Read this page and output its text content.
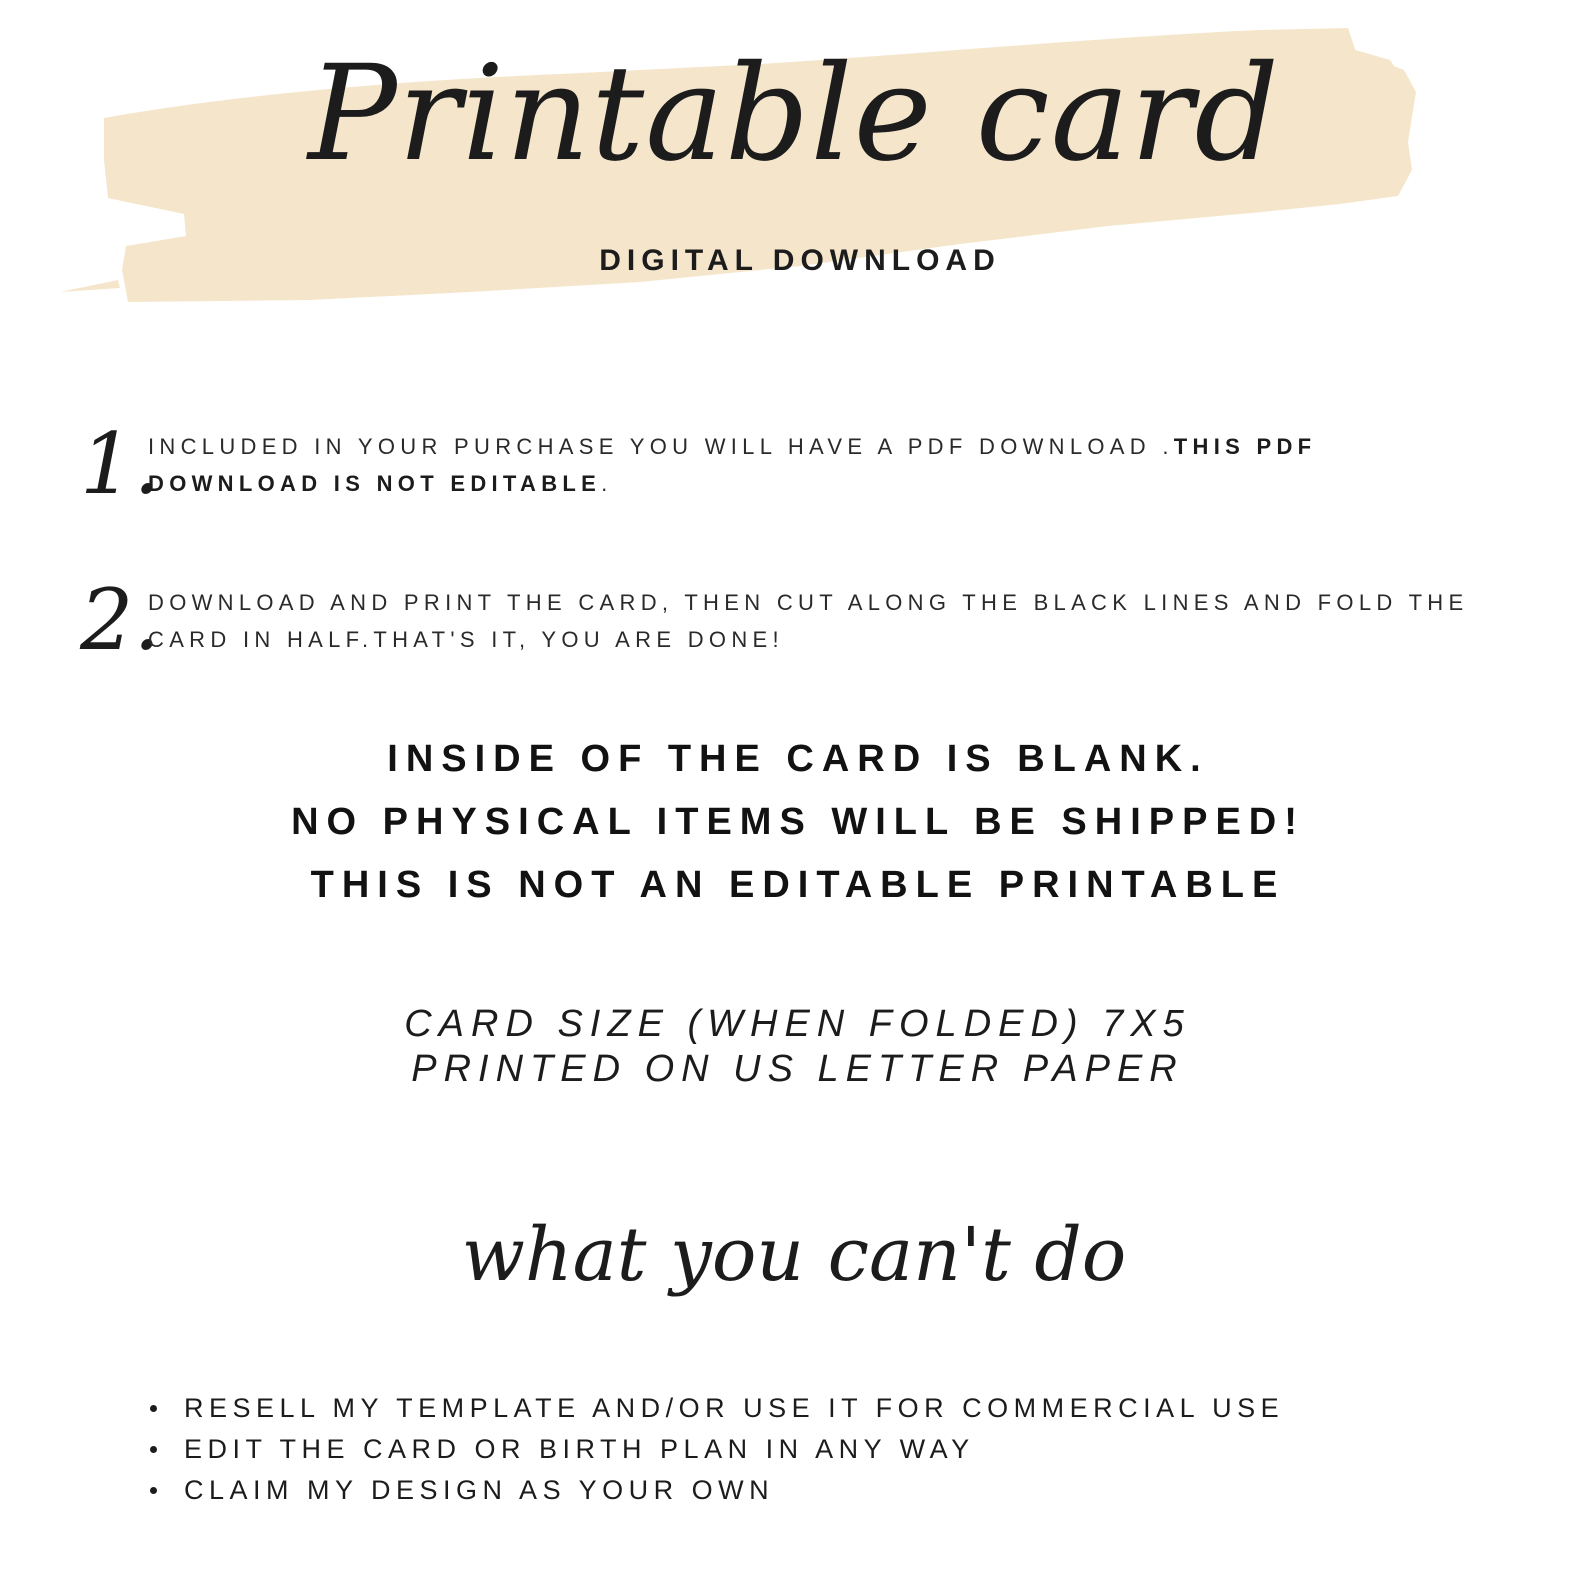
Printable card
DIGITAL DOWNLOAD
1.
INCLUDED IN YOUR PURCHASE YOU WILL HAVE A PDF DOWNLOAD .THIS PDF DOWNLOAD IS NOT EDITABLE.
2.
DOWNLOAD AND PRINT THE CARD, THEN CUT ALONG THE BLACK LINES AND FOLD THE CARD IN HALF.THAT'S IT, YOU ARE DONE!
INSIDE OF THE CARD IS BLANK.
NO PHYSICAL ITEMS WILL BE SHIPPED!
THIS IS NOT AN EDITABLE PRINTABLE
CARD SIZE (WHEN FOLDED) 7X5
PRINTED ON US LETTER PAPER
what you can't do
RESELL MY TEMPLATE AND/OR USE IT FOR COMMERCIAL USE
EDIT THE CARD OR BIRTH PLAN IN ANY WAY
CLAIM MY DESIGN AS YOUR OWN
